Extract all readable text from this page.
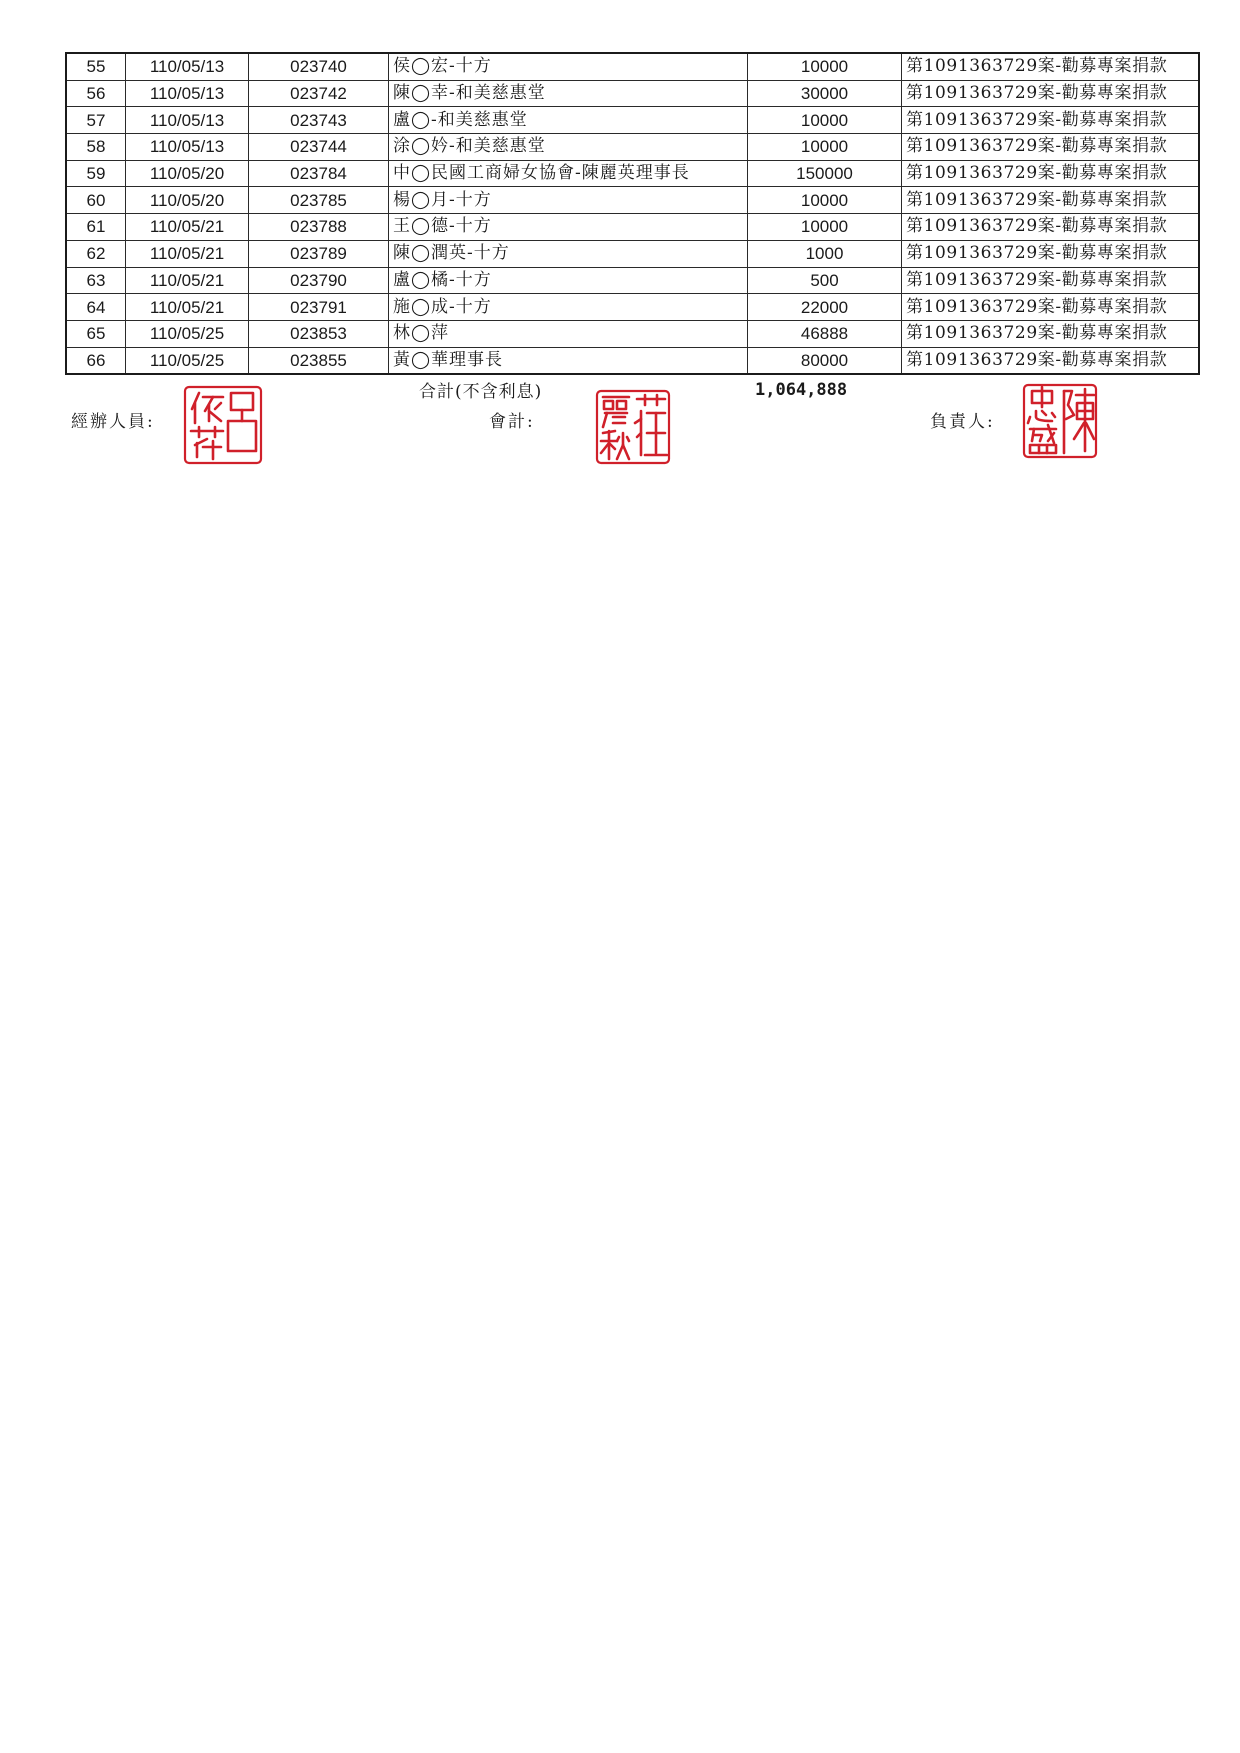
55	110/05/13	023740	侯◯宏-十方	10000	第1091363729案-勸募專案捐款
56	110/05/13	023742	陳◯幸-和美慈惠堂	30000	第1091363729案-勸募專案捐款
57	110/05/13	023743	盧◯-和美慈惠堂	10000	第1091363729案-勸募專案捐款
58	110/05/13	023744	涂◯妗-和美慈惠堂	10000	第1091363729案-勸募專案捐款
59	110/05/20	023784	中◯民國工商婦女協會-陳麗英理事長	150000	第1091363729案-勸募專案捐款
60	110/05/20	023785	楊◯月-十方	10000	第1091363729案-勸募專案捐款
61	110/05/21	023788	王◯德-十方	10000	第1091363729案-勸募專案捐款
62	110/05/21	023789	陳◯潤英-十方	1000	第1091363729案-勸募專案捐款
63	110/05/21	023790	盧◯橘-十方	500	第1091363729案-勸募專案捐款
64	110/05/21	023791	施◯成-十方	22000	第1091363729案-勸募專案捐款
65	110/05/25	023853	林◯萍	46888	第1091363729案-勸募專案捐款
66	110/05/25	023855	黃◯華理事長	80000	第1091363729案-勸募專案捐款
合計(不含利息)	1,064,888
經辦人員:	會計:	負責人:
